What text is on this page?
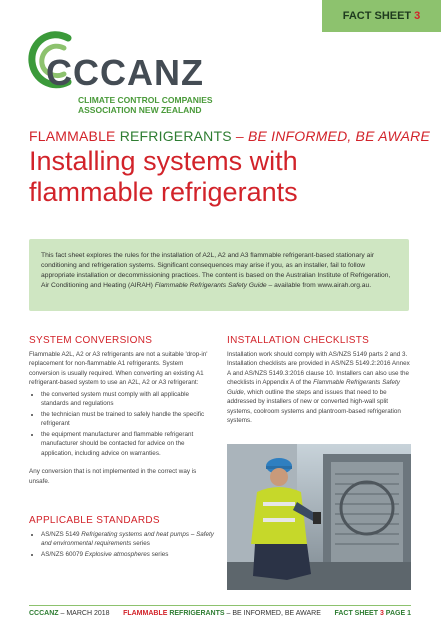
FACT SHEET 3
CCCANZ
CLIMATE CONTROL COMPANIES
ASSOCIATION NEW ZEALAND
FLAMMABLE REFRIGERANTS – BE INFORMED, BE AWARE
Installing systems with
flammable refrigerants
This fact sheet explores the rules for the installation of A2L, A2 and A3 flammable refrigerant-based stationary air conditioning and refrigeration systems. Significant consequences may arise if you, as an installer, fail to follow appropriate installation or decommissioning practices. The content is based on the Australian Institute of Refrigeration, Air Conditioning and Heating (AIRAH) Flammable Refrigerants Safety Guide – available from www.airah.org.au.
SYSTEM CONVERSIONS
Flammable A2L, A2 or A3 refrigerants are not a suitable 'drop-in' replacement for non-flammable A1 refrigerants. System conversion is usually required. When converting an existing A1 refrigerant-based system to use an A2L, A2 or A3 refrigerant:
• the converted system must comply with all applicable standards and regulations
• the technician must be trained to safely handle the specific refrigerant
• the equipment manufacturer and flammable refrigerant manufacturer should be contacted for advice on the application, including advice on warranties.
Any conversion that is not implemented in the correct way is unsafe.
APPLICABLE STANDARDS
• AS/NZS 5149 Refrigerating systems and heat pumps – Safety and environmental requirements series
• AS/NZS 60079 Explosive atmospheres series
INSTALLATION CHECKLISTS
Installation work should comply with AS/NZS 5149 parts 2 and 3. Installation checklists are provided in AS/NZS 5149.2:2016 Annex A and AS/NZS 5149.3:2016 clause 10. Installers can also use the checklists in Appendix A of the Flammable Refrigerants Safety Guide, which outline the steps and issues that need to be addressed by installers of new or converted high-wall split systems, coolroom systems and plantroom-based refrigeration systems.
CCCANZ – MARCH 2018 FLAMMABLE REFRIGERANTS – BE INFORMED, BE AWARE FACT SHEET 3 PAGE 1
